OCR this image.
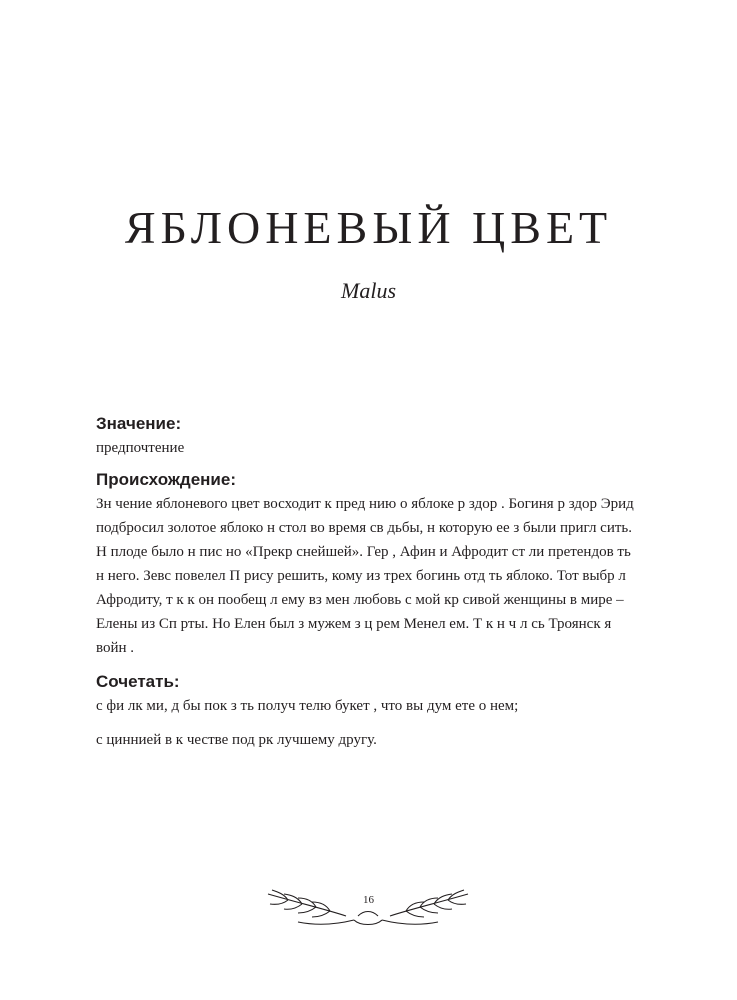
ЯБЛОНЕВЫЙ ЦВЕТ
Malus

Значение:

предпочтение

Происхождение:

Зн чение яблоневого цвет восходит к пред нию о яблоке р здор . Богиня р здор Эрид подбросил золотое яблоко н стол во время св дьбы, н которую ее з были пригл сить. Н плоде было н пис но «Прекр снейшей». Гер , Афин и Афродит ст ли претендов ть н него. Зевс повелел П рису решить, кому из трех богинь отд ть яблоко. Тот выбр л Афродиту, т к к он пообещ л ему вз мен любовь с мой кр сивой женщины в мире – Елены из Сп рты. Но Елен был з мужем з ц рем Менел ем. Т к н ч л сь Троянск я войн .

Сочетать:

с фи лк ми, д бы пок з ть получ телю букет , что вы дум ете о нем;

с циннией в к честве под рк лучшему другу.

16
